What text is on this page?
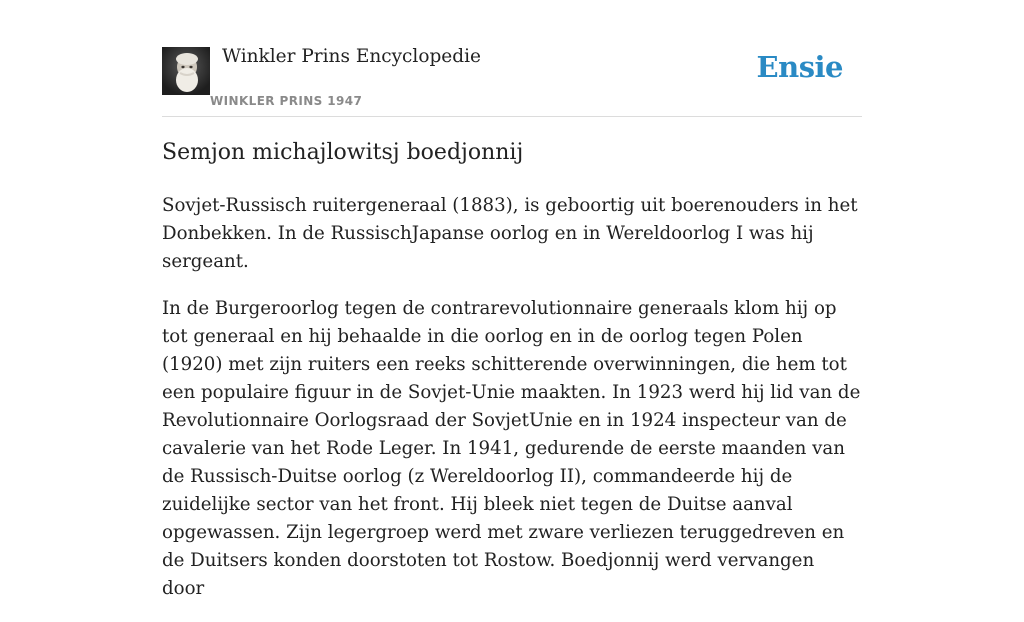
Winkler Prins Encyclopedie
WINKLER PRINS 1947
Ensie
Semjon michajlowitsj boedjonnij

Sovjet-Russisch ruitergeneraal (1883), is geboortig uit boerenouders in het Donbekken. In de RussischJapanse oorlog en in Wereldoorlog I was hij sergeant.

In de Burgeroorlog tegen de contrarevolutionnaire generaals klom hij op tot generaal en hij behaalde in die oorlog en in de oorlog tegen Polen (1920) met zijn ruiters een reeks schitterende overwinningen, die hem tot een populaire figuur in de Sovjet-Unie maakten. In 1923 werd hij lid van de Revolutionnaire Oorlogsraad der SovjetUnie en in 1924 inspecteur van de cavalerie van het Rode Leger. In 1941, gedurende de eerste maanden van de Russisch-Duitse oorlog (z Wereldoorlog II), commandeerde hij de zuidelijke sector van het front. Hij bleek niet tegen de Duitse aanval opgewassen. Zijn legergroep werd met zware verliezen teruggedreven en de Duitsers konden doorstoten tot Rostow. Boedjonnij werd vervangen door
